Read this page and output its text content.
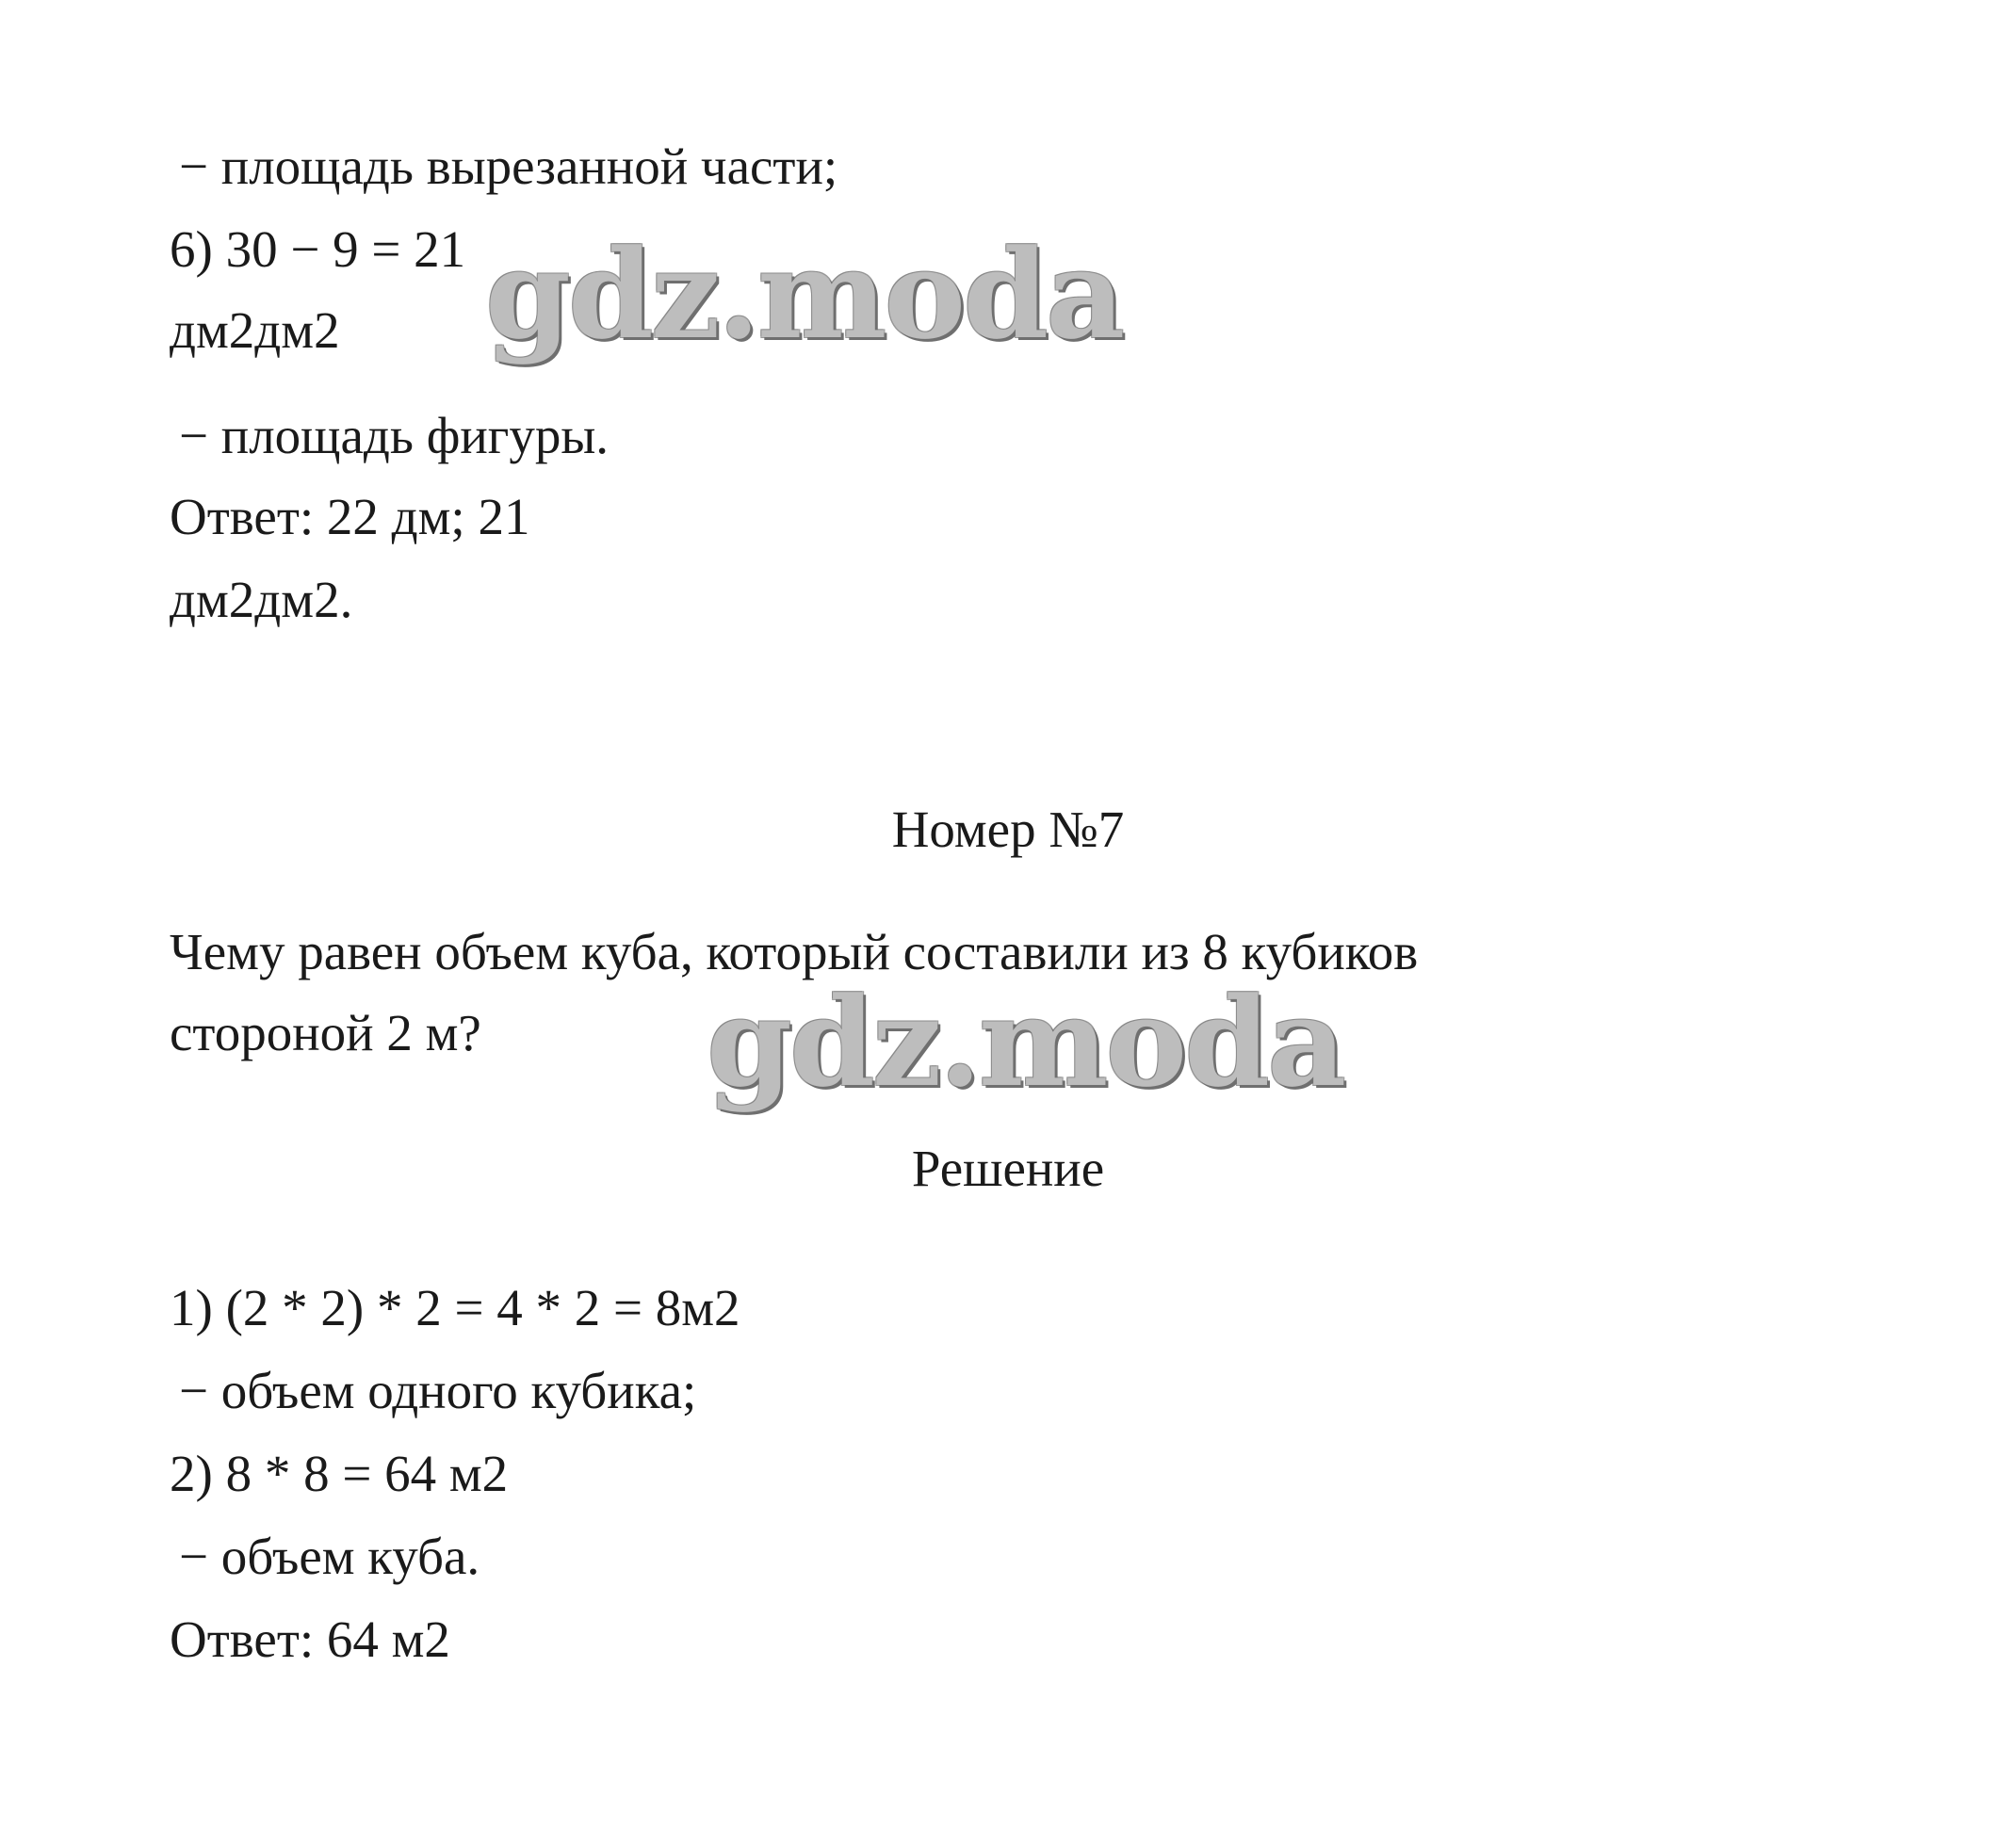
− площадь вырезанной части;
6) 30 − 9 = 21
дм2дм2
− площадь фигуры.
Ответ: 22 дм; 21
дм2дм2.
gdz.moda
Номер №7
Чему равен объем куба, который составили из 8 кубиков
стороной 2 м? gdz.moda
Решение
1) (2 * 2) * 2 = 4 * 2 = 8м2
− объем одного кубика;
2) 8 * 8 = 64 м2
− объем куба.
Ответ: 64 м2
